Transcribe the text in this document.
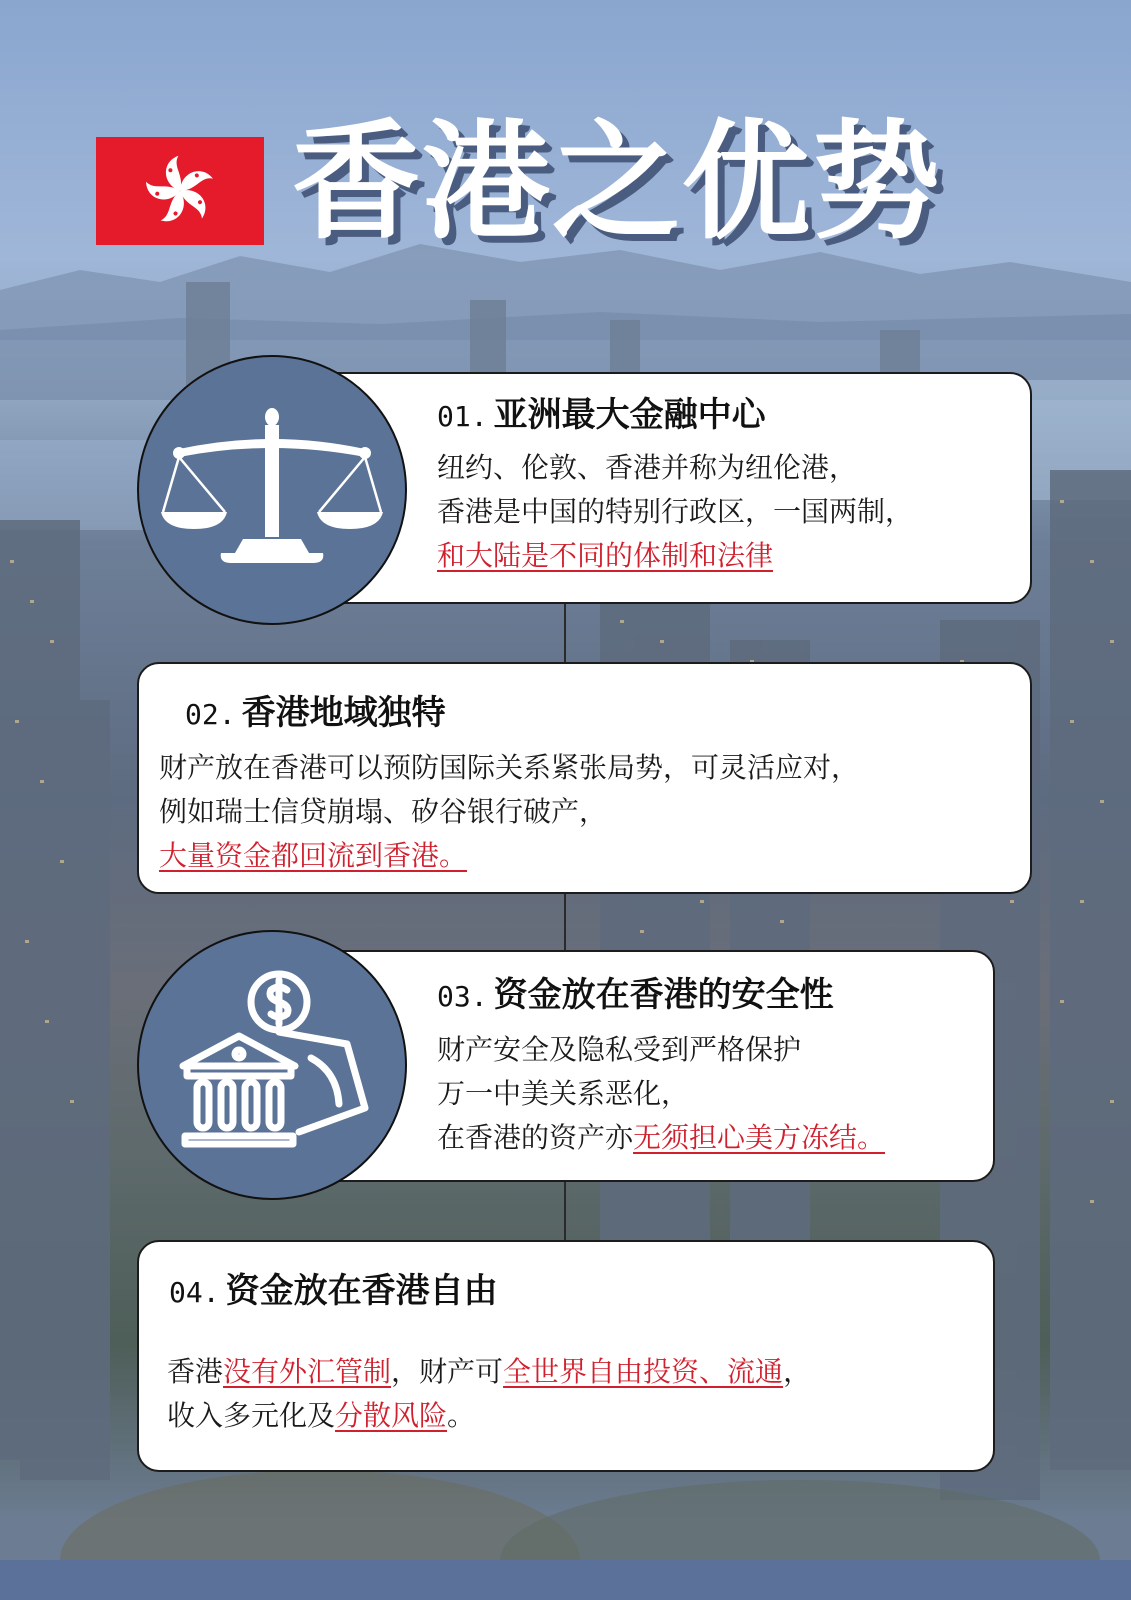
香港之优势
01. 亚洲最大金融中心

纽约、伦敦、香港并称为纽伦港，

香港是中国的特别行政区，一国两制，

和大陆是不同的体制和法律

02. 香港地域独特

财产放在香港可以预防国际关系紧张局势，可灵活应对，

例如瑞士信贷崩塌、矽谷银行破产，

大量资金都回流到香港。

03. 资金放在香港的安全性

财产安全及隐私受到严格保护

万一中美关系恶化，

在香港的资产亦无须担心美方冻结。

04. 资金放在香港自由

香港没有外汇管制，财产可全世界自由投资、流通，

收入多元化及分散风险。
